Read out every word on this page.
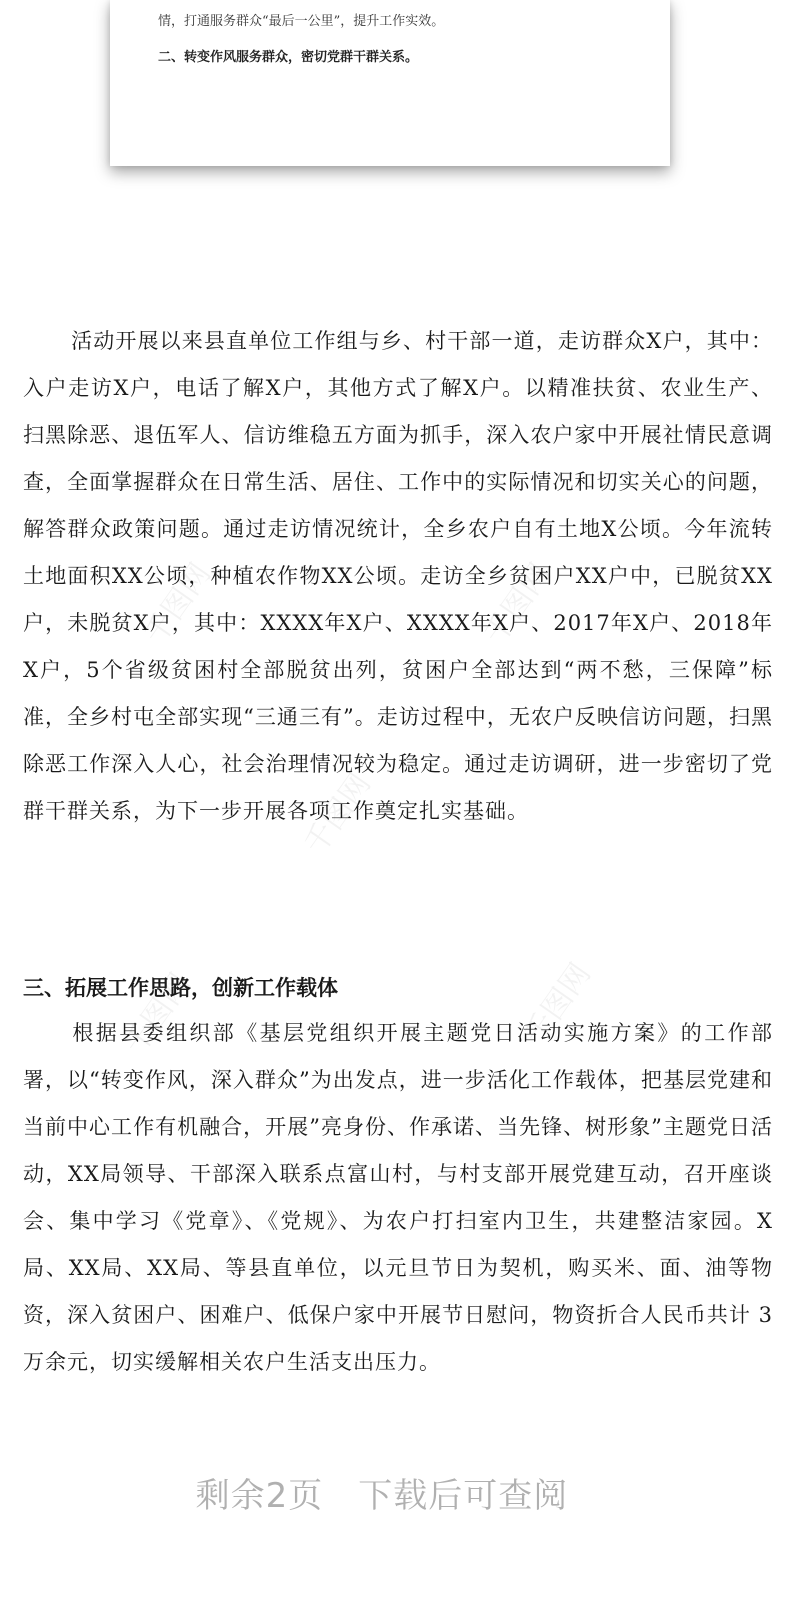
情，打通服务群众“最后一公里”，提升工作实效。
二、转变作风服务群众，密切党群干群关系。

活动开展以来县直单位工作组与乡、村干部一道，走访群众X户，其中：入户走访X户，电话了解X户，其他方式了解X户。以精准扶贫、农业生产、扫黑除恶、退伍军人、信访维稳五方面为抓手，深入农户家中开展社情民意调查，全面掌握群众在日常生活、居住、工作中的实际情况和切实关心的问题，解答群众政策问题。通过走访情况统计，全乡农户自有土地X公顷。今年流转土地面积XX公顷，种植农作物XX公顷。走访全乡贫困户XX户中，已脱贫XX户，未脱贫X户，其中：XXXX年X户、XXXX年X户、2017年X户、2018年X户，5个省级贫困村全部脱贫出列，贫困户全部达到“两不愁，三保障”标准，全乡村屯全部实现“三通三有”。走访过程中，无农户反映信访问题，扫黑除恶工作深入人心，社会治理情况较为稳定。通过走访调研，进一步密切了党群干群关系，为下一步开展各项工作奠定扎实基础。

三、拓展工作思路，创新工作载体

根据县委组织部《基层党组织开展主题党日活动实施方案》的工作部署，以“转变作风，深入群众”为出发点，进一步活化工作载体，把基层党建和当前中心工作有机融合，开展”亮身份、作承诺、当先锋、树形象”主题党日活动，XX局领导、干部深入联系点富山村，与村支部开展党建互动，召开座谈会、集中学习《党章》、《党规》、为农户打扫室内卫生，共建整洁家园。X局、XX局、XX局、等县直单位，以元旦节日为契机，购买米、面、油等物资，深入贫困户、困难户、低保户家中开展节日慰问，物资折合人民币共计 3万余元，切实缓解相关农户生活支出压力。

千图网	千图网
千图网
千图网	千图网
剩余2页　下载后可查阅
